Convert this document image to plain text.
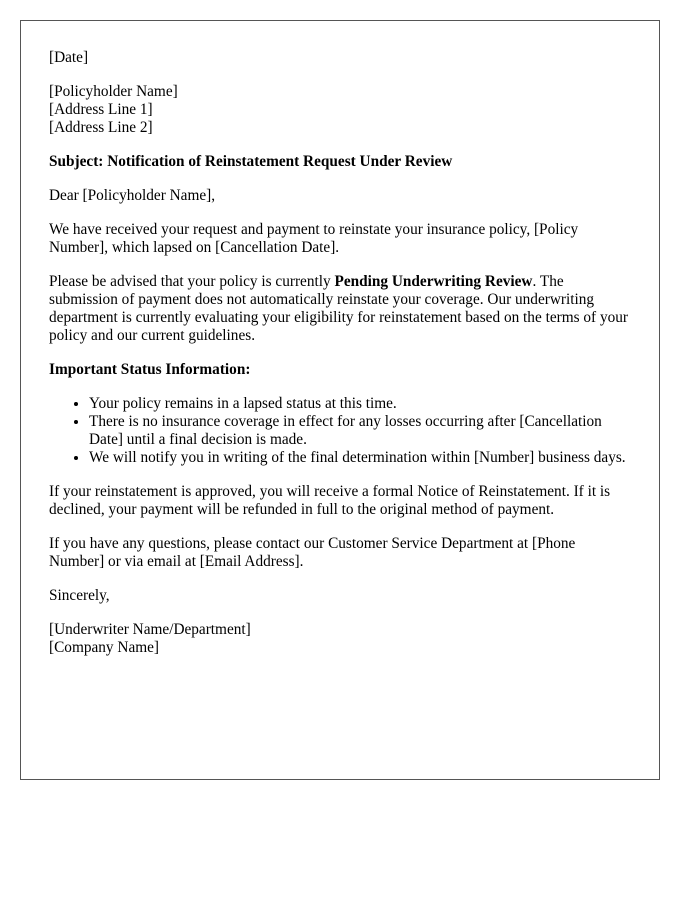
[Date]

[Policyholder Name]
[Address Line 1]
[Address Line 2]

Subject: Notification of Reinstatement Request Under Review

Dear [Policyholder Name],

We have received your request and payment to reinstate your insurance policy, [Policy Number], which lapsed on [Cancellation Date].

Please be advised that your policy is currently Pending Underwriting Review. The submission of payment does not automatically reinstate your coverage. Our underwriting department is currently evaluating your eligibility for reinstatement based on the terms of your policy and our current guidelines.

Important Status Information:

• Your policy remains in a lapsed status at this time.
• There is no insurance coverage in effect for any losses occurring after [Cancellation Date] until a final decision is made.
• We will notify you in writing of the final determination within [Number] business days.

If your reinstatement is approved, you will receive a formal Notice of Reinstatement. If it is declined, your payment will be refunded in full to the original method of payment.

If you have any questions, please contact our Customer Service Department at [Phone Number] or via email at [Email Address].

Sincerely,

[Underwriter Name/Department]
[Company Name]
